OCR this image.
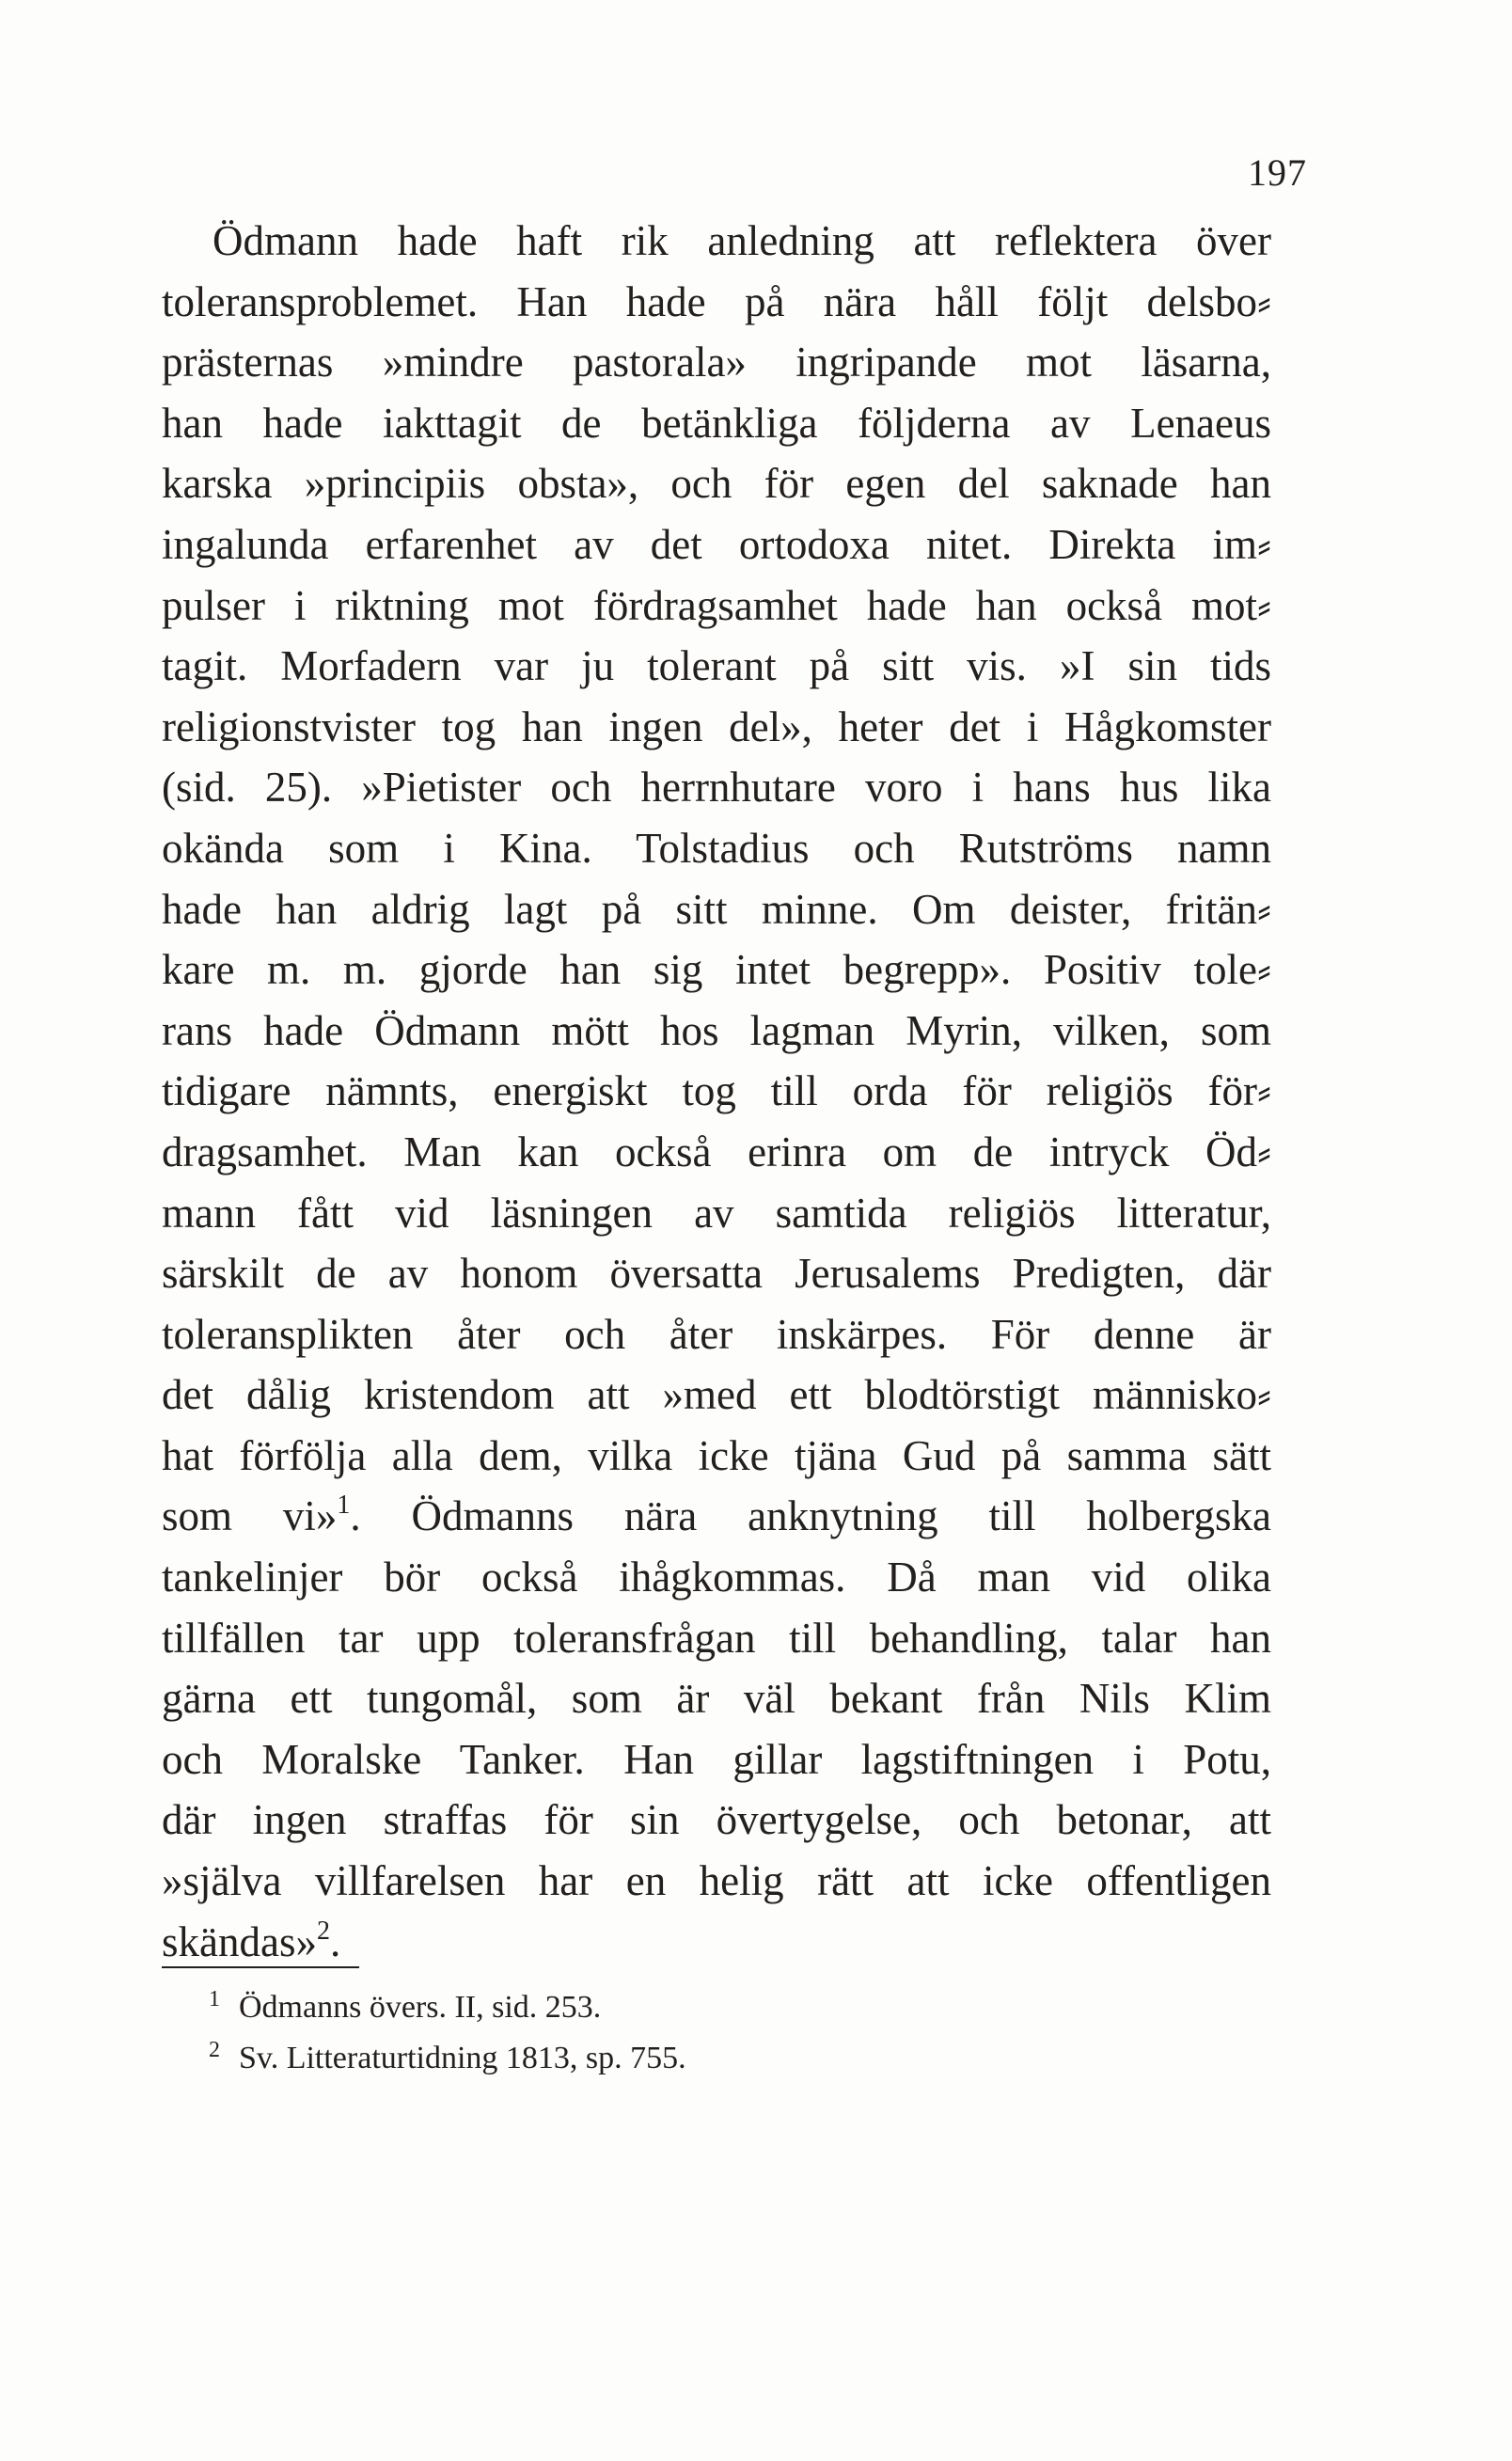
197
Ödmann hade haft rik anledning att reflektera över
toleransproblemet. Han hade på nära håll följt delsbo⸗
prästernas »mindre pastorala» ingripande mot läsarna,
han hade iakttagit de betänkliga följderna av Lenaeus
karska »principiis obsta», och för egen del saknade han
ingalunda erfarenhet av det ortodoxa nitet. Direkta im⸗
pulser i riktning mot fördragsamhet hade han också mot⸗
tagit. Morfadern var ju tolerant på sitt vis. »I sin tids
religionstvister tog han ingen del», heter det i Hågkomster
(sid. 25). »Pietister och herrnhutare voro i hans hus lika
okända som i Kina. Tolstadius och Rutströms namn
hade han aldrig lagt på sitt minne. Om deister, fritän⸗
kare m. m. gjorde han sig intet begrepp». Positiv tole⸗
rans hade Ödmann mött hos lagman Myrin, vilken, som
tidigare nämnts, energiskt tog till orda för religiös för⸗
dragsamhet. Man kan också erinra om de intryck Öd⸗
mann fått vid läsningen av samtida religiös litteratur,
särskilt de av honom översatta Jerusalems Predigten, där
toleransplikten åter och åter inskärpes. För denne är
det dålig kristendom att »med ett blodtörstigt människo⸗
hat förfölja alla dem, vilka icke tjäna Gud på samma sätt
som vi»$^1$. Ödmanns nära anknytning till holbergska
tankelinjer bör också ihågkommas. Då man vid olika
tillfällen tar upp toleransfrågan till behandling, talar han
gärna ett tungomål, som är väl bekant från Nils Klim
och Moralske Tanker. Han gillar lagstiftningen i Potu,
där ingen straffas för sin övertygelse, och betonar, att
»själva villfarelsen har en helig rätt att icke offentligen
skändas»$^2$.
1 Ödmanns övers. II, sid. 253.
2 Sv. Litteraturtidning 1813, sp. 755.
